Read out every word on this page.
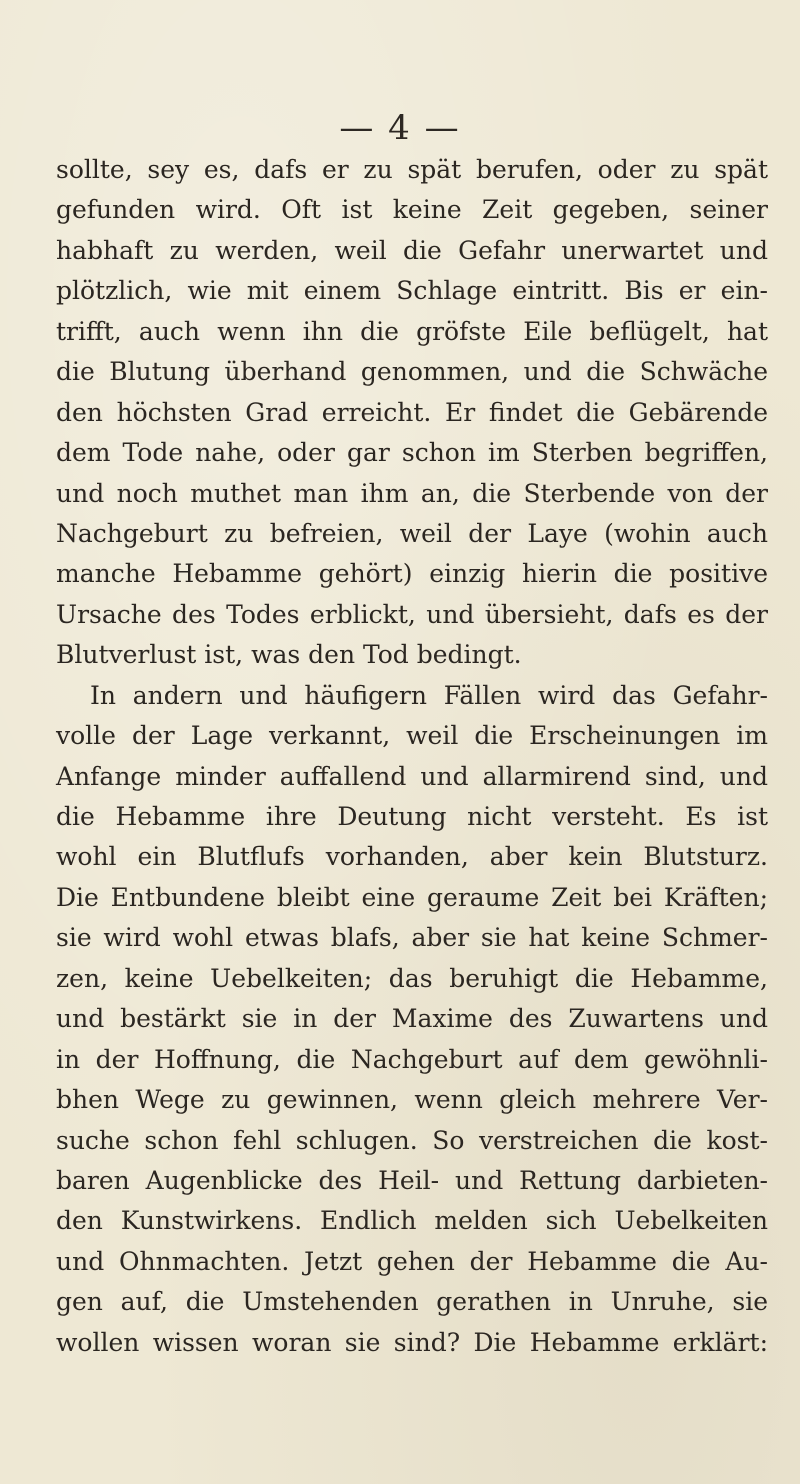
— 4 —
sollte, sey es, dafs er zu spät berufen, oder zu spät
gefunden wird. Oft ist keine Zeit gegeben, seiner
habhaft zu werden, weil die Gefahr unerwartet und
plötzlich, wie mit einem Schlage eintritt. Bis er ein-
trifft, auch wenn ihn die gröfste Eile beflügelt, hat
die Blutung überhand genommen, und die Schwäche
den höchsten Grad erreicht. Er findet die Gebärende
dem Tode nahe, oder gar schon im Sterben begriffen,
und noch muthet man ihm an, die Sterbende von der
Nachgeburt zu befreien, weil der Laye (wohin auch
manche Hebamme gehört) einzig hierin die positive
Ursache des Todes erblickt, und übersieht, dafs es der
Blutverlust ist, was den Tod bedingt.
In andern und häufigern Fällen wird das Gefahr-
volle der Lage verkannt, weil die Erscheinungen im
Anfange minder auffallend und allarmirend sind, und
die Hebamme ihre Deutung nicht versteht. Es ist
wohl ein Blutflufs vorhanden, aber kein Blutsturz.
Die Entbundene bleibt eine geraume Zeit bei Kräften;
sie wird wohl etwas blafs, aber sie hat keine Schmer-
zen, keine Uebelkeiten; das beruhigt die Hebamme,
und bestärkt sie in der Maxime des Zuwartens und
in der Hoffnung, die Nachgeburt auf dem gewöhnli-
bhen Wege zu gewinnen, wenn gleich mehrere Ver-
suche schon fehl schlugen. So verstreichen die kost-
baren Augenblicke des Heil- und Rettung darbieten-
den Kunstwirkens. Endlich melden sich Uebelkeiten
und Ohnmachten. Jetzt gehen der Hebamme die Au-
gen auf, die Umstehenden gerathen in Unruhe, sie
wollen wissen woran sie sind? Die Hebamme erklärt:
